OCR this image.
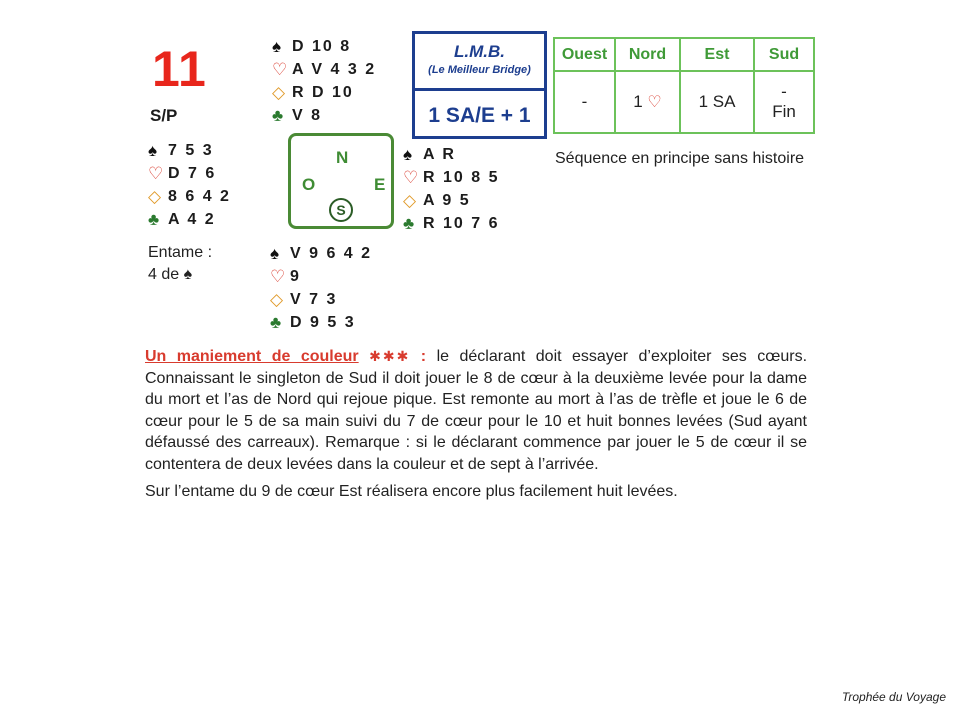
11
S/P
♠ D 10 8
♡ A V 4 3 2
◇ R D 10
♣ V 8
♠ 7 5 3
♡ D 7 6
◇ 8 6 4 2
♣ A 4 2
Entame :
4 de ♠
N
O	E
S
♠ A R
♡ R 10 8 5
◇ A 9 5
♣ R 10 7 6
♠ V 9 6 4 2
♡ 9
◇ V 7 3
♣ D 9 5 3
L.M.B.
(Le Meilleur Bridge)
1 SA/E + 1
Ouest	Nord	Est	Sud
-	1 ♡	1 SA	-
Fin
Séquence en principe sans histoire

Un maniement de couleur ✱✱✱ : le déclarant doit essayer d’exploiter ses cœurs. Connaissant le singleton de Sud il doit jouer le 8 de cœur à la deuxième levée pour la dame du mort et l’as de Nord qui rejoue pique. Est remonte au mort à l’as de trèfle et joue le 6 de cœur pour le 5 de sa main suivi du 7 de cœur pour le 10 et huit bonnes levées (Sud ayant défaussé des carreaux). Remarque : si le déclarant commence par jouer le 5 de cœur il se contentera de deux levées dans la couleur et de sept à l’arrivée.

Sur l’entame du 9 de cœur Est réalisera encore plus facilement huit levées.

Trophée du Voyage
